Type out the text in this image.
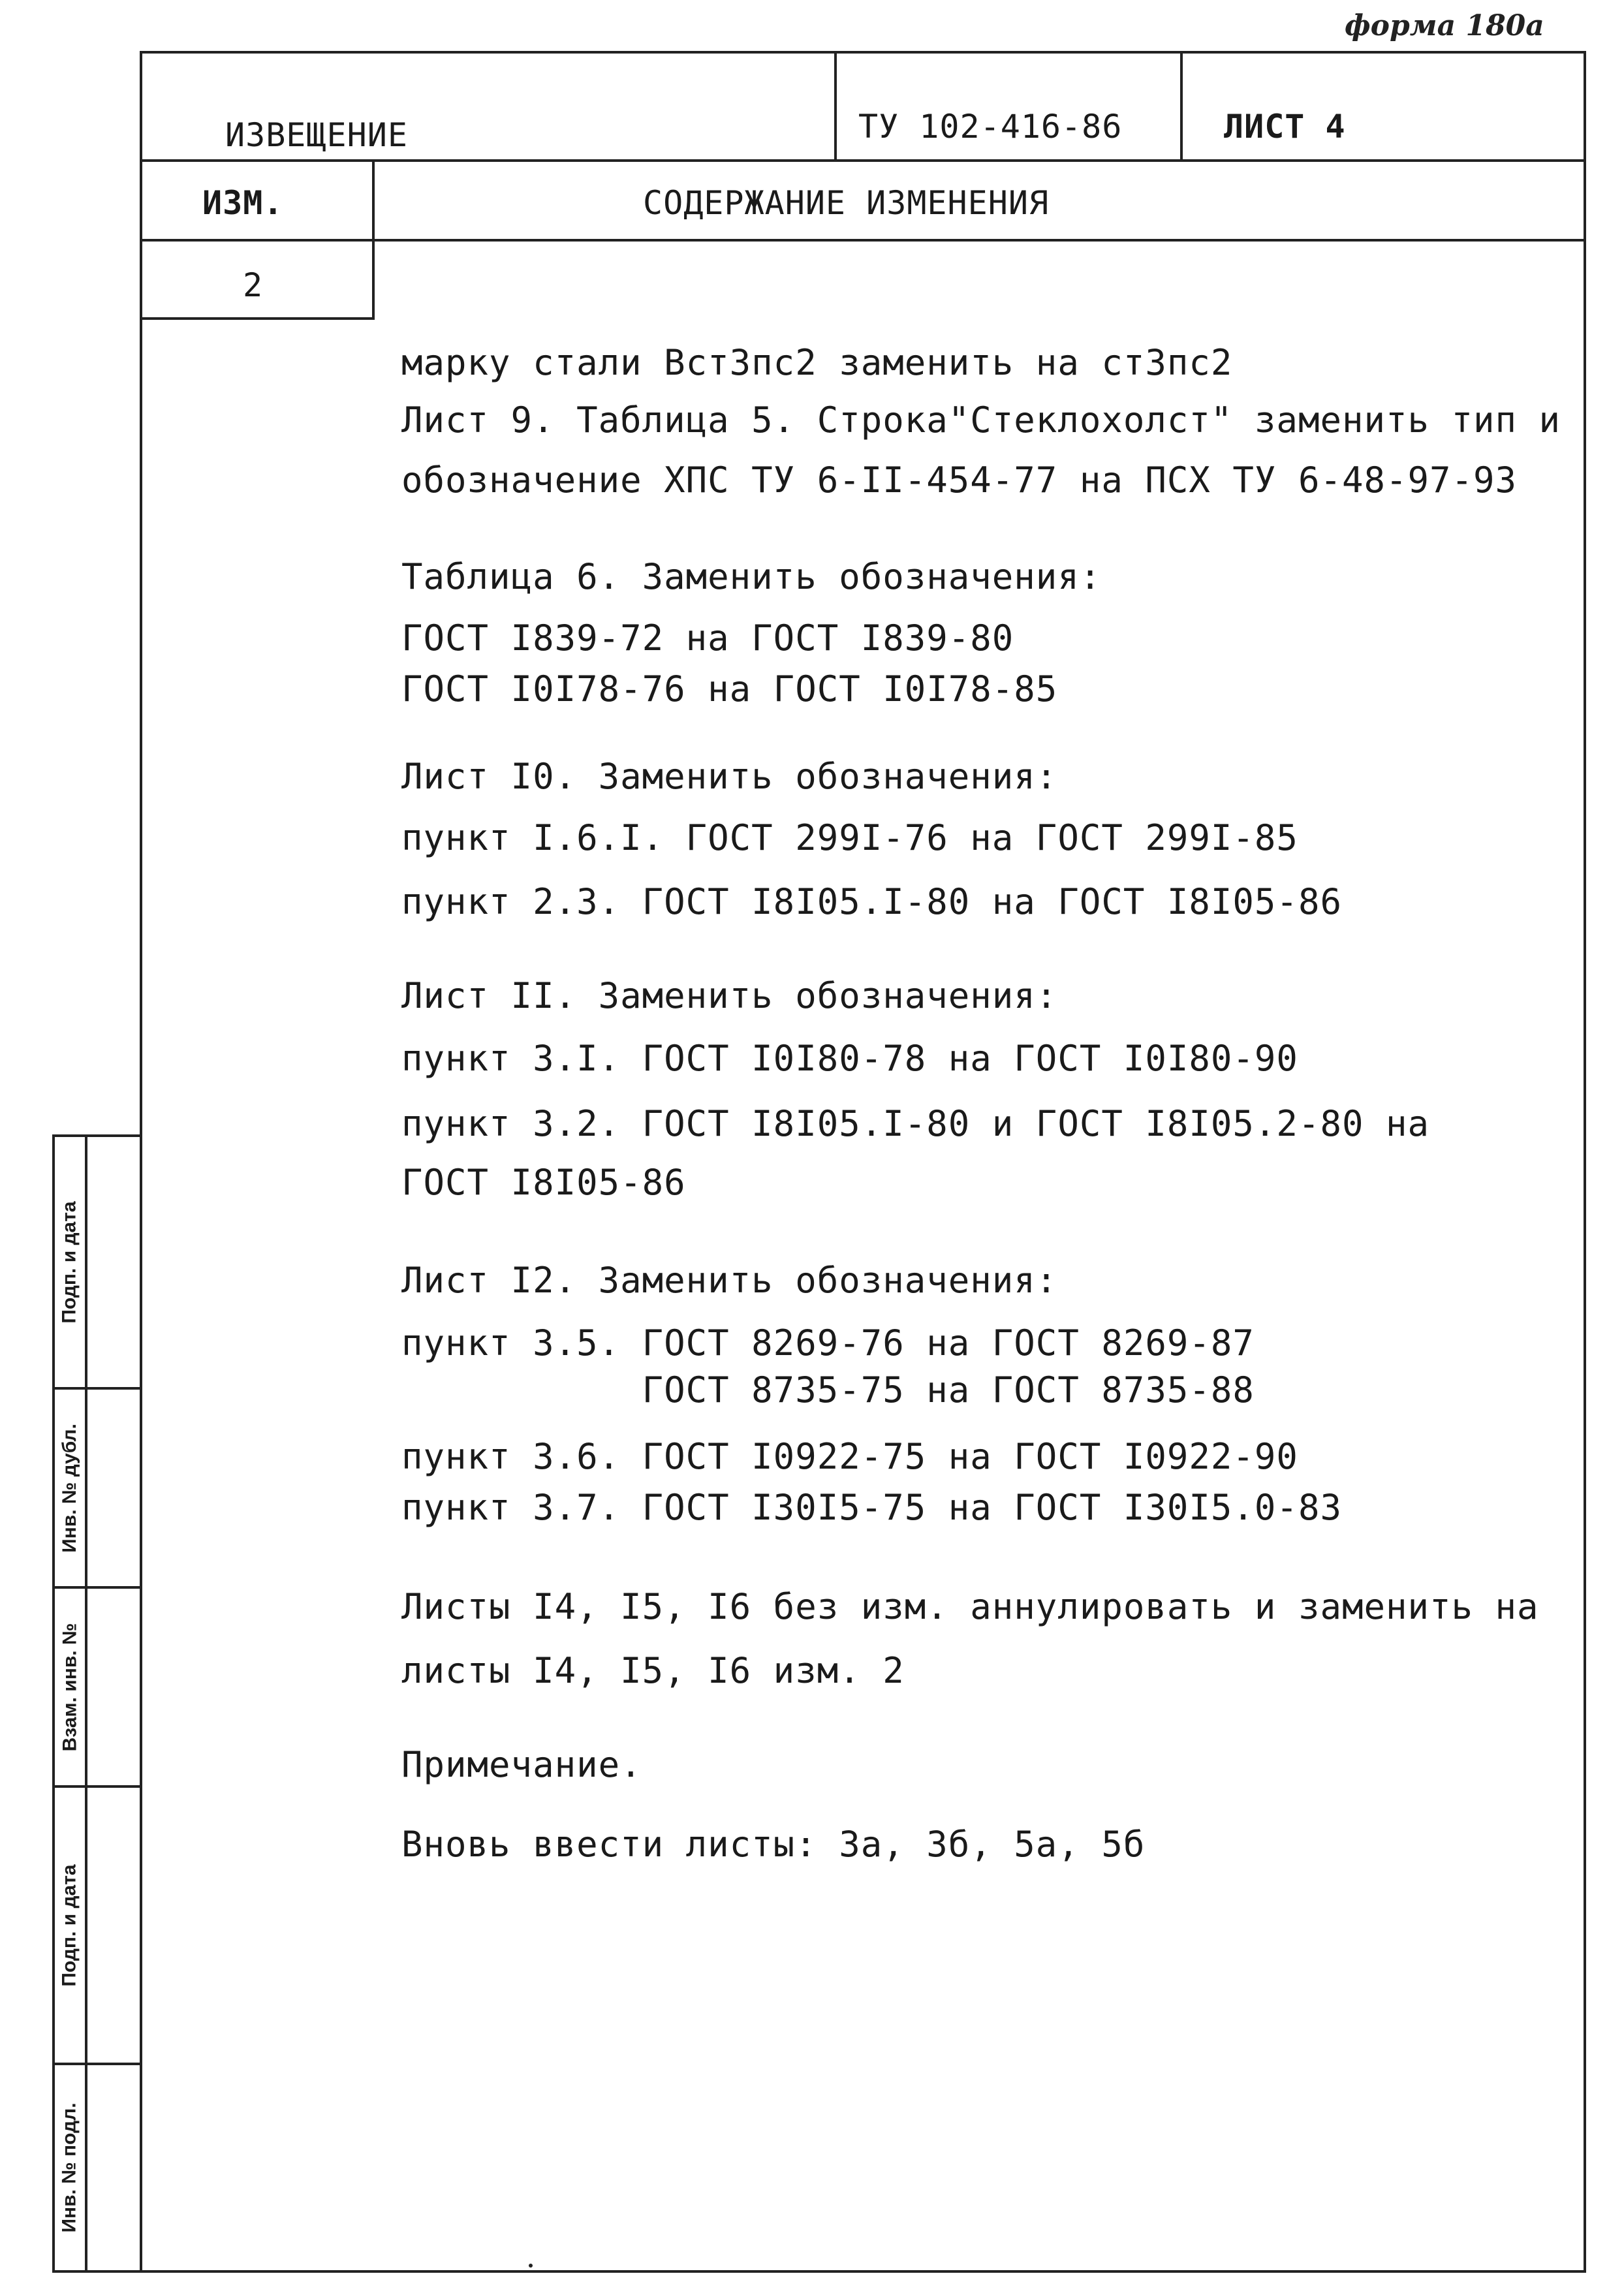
форма 180а
ИЗВЕЩЕНИЕ	ТУ 102-416-86	ЛИСТ 4
ИЗМ.	СОДЕРЖАНИЕ ИЗМЕНЕНИЯ
2
марку стали Вст3пс2 заменить на ст3пс2
Лист 9. Таблица 5. Строка"Стеклохолст" заменить тип и
обозначение ХПС ТУ 6-II-454-77 на ПСХ ТУ 6-48-97-93
Таблица 6. Заменить обозначения:
ГОСТ I839-72 на ГОСТ I839-80
ГОСТ I0I78-76 на ГОСТ I0I78-85
Лист I0. Заменить обозначения:
пункт I.6.I. ГОСТ 299I-76 на ГОСТ 299I-85
пункт 2.3. ГОСТ I8I05.I-80 на ГОСТ I8I05-86
Лист II. Заменить обозначения:
пункт 3.I. ГОСТ I0I80-78 на ГОСТ I0I80-90
пункт 3.2. ГОСТ I8I05.I-80 и ГОСТ I8I05.2-80 на
ГОСТ I8I05-86
Лист I2. Заменить обозначения:
пункт 3.5. ГОСТ 8269-76 на ГОСТ 8269-87
ГОСТ 8735-75 на ГОСТ 8735-88
пункт 3.6. ГОСТ I0922-75 на ГОСТ I0922-90
пункт 3.7. ГОСТ I30I5-75 на ГОСТ I30I5.0-83
Листы I4, I5, I6 без изм. аннулировать и заменить на
листы I4, I5, I6 изм. 2
Примечание.
Вновь ввести листы: 3а, 3б, 5а, 5б
Подп. и дата
Инв. № дубл.
Взам. инв. №
Подп. и дата
Инв. № подл.
